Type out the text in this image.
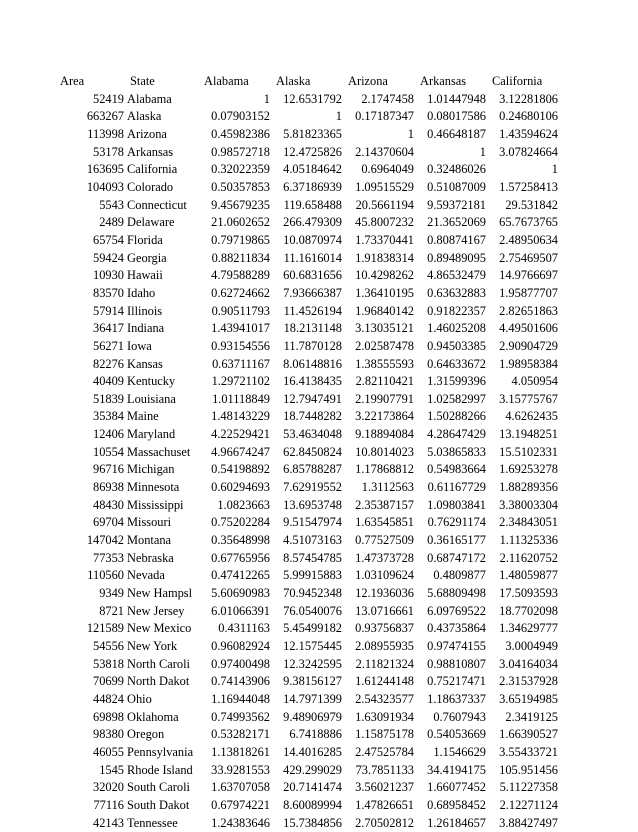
Area	State	Alabama	Alaska	Arizona	Arkansas	California
52419	Alabama	1	12.6531792	2.1747458	1.01447948	3.12281806
663267	Alaska	0.07903152	1	0.17187347	0.08017586	0.24680106
113998	Arizona	0.45982386	5.81823365	1	0.46648187	1.43594624
53178	Arkansas	0.98572718	12.4725826	2.14370604	1	3.07824664
163695	California	0.32022359	4.05184642	0.6964049	0.32486026	1
104093	Colorado	0.50357853	6.37186939	1.09515529	0.51087009	1.57258413
5543	Connecticut	9.45679235	119.658488	20.5661194	9.59372181	29.531842
2489	Delaware	21.0602652	266.479309	45.8007232	21.3652069	65.7673765
65754	Florida	0.79719865	10.0870974	1.73370441	0.80874167	2.48950634
59424	Georgia	0.88211834	11.1616014	1.91838314	0.89489095	2.75469507
10930	Hawaii	4.79588289	60.6831656	10.4298262	4.86532479	14.9766697
83570	Idaho	0.62724662	7.93666387	1.36410195	0.63632883	1.95877707
57914	Illinois	0.90511793	11.4526194	1.96840142	0.91822357	2.82651863
36417	Indiana	1.43941017	18.2131148	3.13035121	1.46025208	4.49501606
56271	Iowa	0.93154556	11.7870128	2.02587478	0.94503385	2.90904729
82276	Kansas	0.63711167	8.06148816	1.38555593	0.64633672	1.98958384
40409	Kentucky	1.29721102	16.4138435	2.82110421	1.31599396	4.050954
51839	Louisiana	1.01118849	12.7947491	2.19907791	1.02582997	3.15775767
35384	Maine	1.48143229	18.7448282	3.22173864	1.50288266	4.6262435
12406	Maryland	4.22529421	53.4634048	9.18894084	4.28647429	13.1948251
10554	Massachuset	4.96674247	62.8450824	10.8014023	5.03865833	15.5102331
96716	Michigan	0.54198892	6.85788287	1.17868812	0.54983664	1.69253278
86938	Minnesota	0.60294693	7.62919552	1.3112563	0.61167729	1.88289356
48430	Mississippi	1.0823663	13.6953748	2.35387157	1.09803841	3.38003304
69704	Missouri	0.75202284	9.51547974	1.63545851	0.76291174	2.34843051
147042	Montana	0.35648998	4.51073163	0.77527509	0.36165177	1.11325336
77353	Nebraska	0.67765956	8.57454785	1.47373728	0.68747172	2.11620752
110560	Nevada	0.47412265	5.99915883	1.03109624	0.4809877	1.48059877
9349	New Hampsl	5.60690983	70.9452348	12.1936036	5.68809498	17.5093593
8721	New Jersey	6.01066391	76.0540076	13.0716661	6.09769522	18.7702098
121589	New Mexico	0.4311163	5.45499182	0.93756837	0.43735864	1.34629777
54556	New York	0.96082924	12.1575445	2.08955935	0.97474155	3.0004949
53818	North Caroli	0.97400498	12.3242595	2.11821324	0.98810807	3.04164034
70699	North Dakot	0.74143906	9.38156127	1.61244148	0.75217471	2.31537928
44824	Ohio	1.16944048	14.7971399	2.54323577	1.18637337	3.65194985
69898	Oklahoma	0.74993562	9.48906979	1.63091934	0.7607943	2.3419125
98380	Oregon	0.53282171	6.7418886	1.15875178	0.54053669	1.66390527
46055	Pennsylvania	1.13818261	14.4016285	2.47525784	1.1546629	3.55433721
1545	Rhode Island	33.9281553	429.299029	73.7851133	34.4194175	105.951456
32020	South Caroli	1.63707058	20.7141474	3.56021237	1.66077452	5.11227358
77116	South Dakot	0.67974221	8.60089994	1.47826651	0.68958452	2.12271124
42143	Tennessee	1.24383646	15.7384856	2.70502812	1.26184657	3.88427497
